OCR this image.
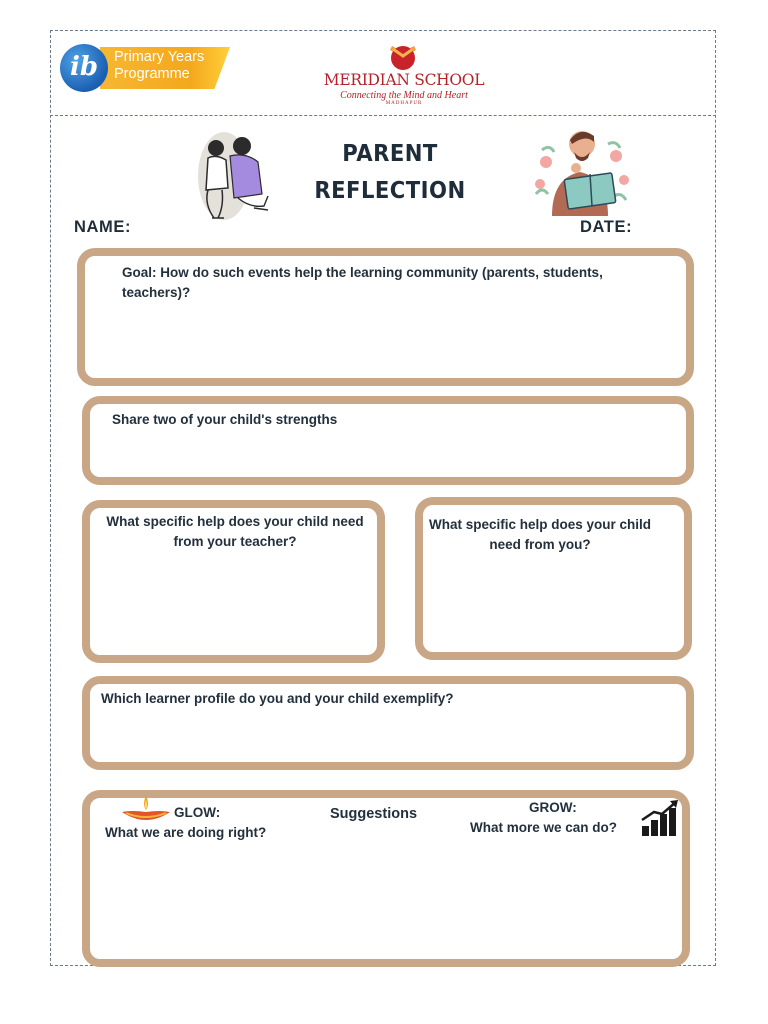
ib	Primary Years
Programme	MERIDIAN SCHOOL
Connecting the Mind and Heart
MADHAPUR
PARENT
REFLECTION
NAME:	DATE:
Goal: How do such events help the learning community (parents, students, teachers)?
Share two of your child's strengths
What specific help does your child need from your teacher?
What specific help does your child need from you?
Which learner profile do you and your child exemplify?
GLOW:
What we are doing right?
Suggestions	GROW:
What more we can do?
